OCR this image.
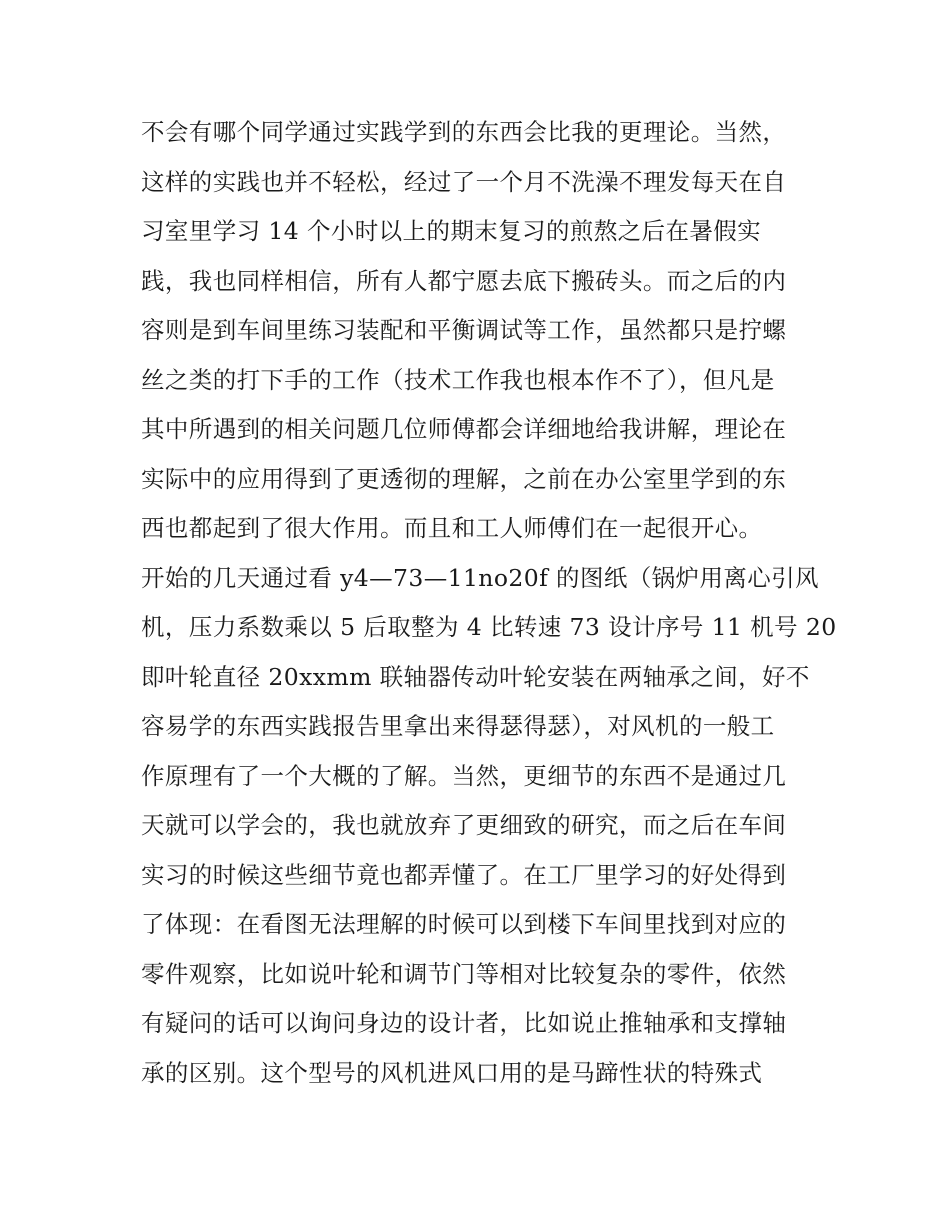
不会有哪个同学通过实践学到的东西会比我的更理论。当然，
这样的实践也并不轻松，经过了一个月不洗澡不理发每天在自
习室里学习 14 个小时以上的期末复习的煎熬之后在暑假实
践，我也同样相信，所有人都宁愿去底下搬砖头。而之后的内
容则是到车间里练习装配和平衡调试等工作，虽然都只是拧螺
丝之类的打下手的工作（技术工作我也根本作不了），但凡是
其中所遇到的相关问题几位师傅都会详细地给我讲解，理论在
实际中的应用得到了更透彻的理解，之前在办公室里学到的东
西也都起到了很大作用。而且和工人师傅们在一起很开心。
开始的几天通过看 y4—73—11no20f 的图纸（锅炉用离心引风
机，压力系数乘以 5 后取整为 4 比转速 73 设计序号 11 机号 20
即叶轮直径 20xxmm 联轴器传动叶轮安装在两轴承之间，好不
容易学的东西实践报告里拿出来得瑟得瑟），对风机的一般工
作原理有了一个大概的了解。当然，更细节的东西不是通过几
天就可以学会的，我也就放弃了更细致的研究，而之后在车间
实习的时候这些细节竟也都弄懂了。在工厂里学习的好处得到
了体现：在看图无法理解的时候可以到楼下车间里找到对应的
零件观察，比如说叶轮和调节门等相对比较复杂的零件，依然
有疑问的话可以询问身边的设计者，比如说止推轴承和支撑轴
承的区别。这个型号的风机进风口用的是马蹄性状的特殊式
